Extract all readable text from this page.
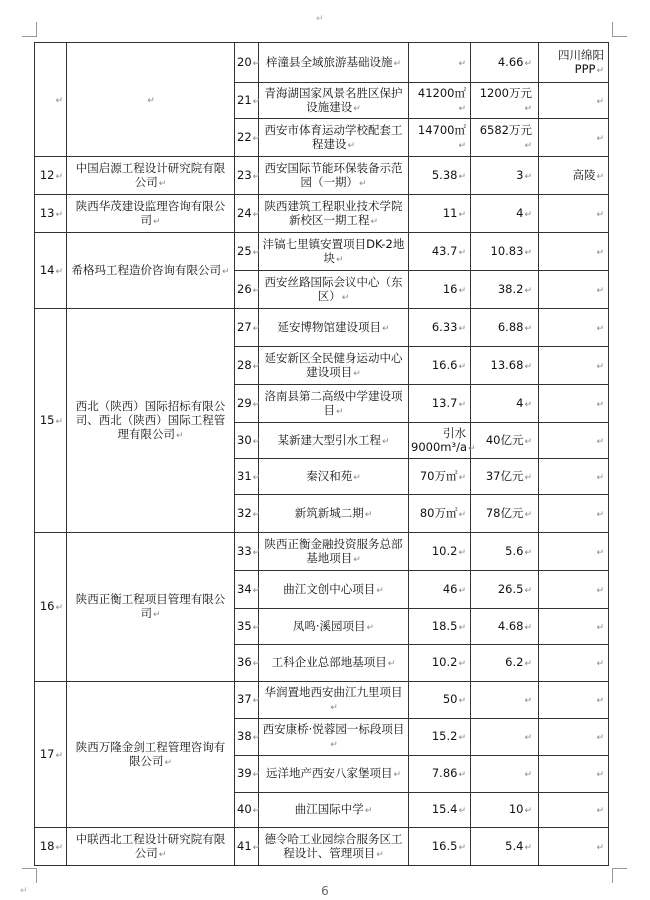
↵
↵	↵	20↵	梓潼县全域旅游基础设施↵	↵	4.66↵	四川绵阳PPP↵
		21↵	青海湖国家风景名胜区保护设施建设↵	41200㎡↵	1200万元↵	↵
		22↵	西安市体育运动学校配套工程建设↵	14700㎡↵	6582万元↵	↵
12↵	中国启源工程设计研究院有限公司↵	23↵	西安国际节能环保装备示范园（一期）↵	5.38↵	3↵	高陵↵
13↵	陕西华茂建设监理咨询有限公司↵	24↵	陕西建筑工程职业技术学院新校区一期工程↵	11↵	4↵	↵
14↵	希格玛工程造价咨询有限公司↵	25↵	沣镐七里镇安置项目DK-2地块↵	43.7↵	10.83↵	↵
		26↵	西安丝路国际会议中心（东区）↵	16↵	38.2↵	↵
15↵	西北（陕西）国际招标有限公司、西北（陕西）国际工程管理有限公司↵	27↵	延安博物馆建设项目↵	6.33↵	6.88↵	↵
		28↵	延安新区全民健身运动中心建设项目↵	16.6↵	13.68↵	↵
		29↵	洛南县第二高级中学建设项目↵	13.7↵	4↵	↵
		30↵	某新建大型引水工程↵	引水9000m³/a↵	40亿元↵	↵
		31↵	秦汉和苑↵	70万㎡↵	37亿元↵	↵
		32↵	新筑新城二期↵	80万㎡↵	78亿元↵	↵
16↵	陕西正衡工程项目管理有限公司↵	33↵	陕西正衡金融投资服务总部基地项目↵	10.2↵	5.6↵	↵
		34↵	曲江文创中心项目↵	46↵	26.5↵	↵
		35↵	凤鸣·溪园项目↵	18.5↵	4.68↵	↵
		36↵	工科企业总部地基项目↵	10.2↵	6.2↵	↵
17↵	陕西万隆金剑工程管理咨询有限公司↵	37↵	华润置地西安曲江九里项目↵	50↵	↵	↵
		38↵	西安康桥·悦蓉园一标段项目↵	15.2↵	↵	↵
		39↵	远洋地产西安八家堡项目↵	7.86↵	↵	↵
		40↵	曲江国际中学↵	15.4↵	10↵	↵
18↵	中联西北工程设计研究院有限公司↵	41↵	德令哈工业园综合服务区工程设计、管理项目↵	16.5↵	5.4↵	↵
6
↵
